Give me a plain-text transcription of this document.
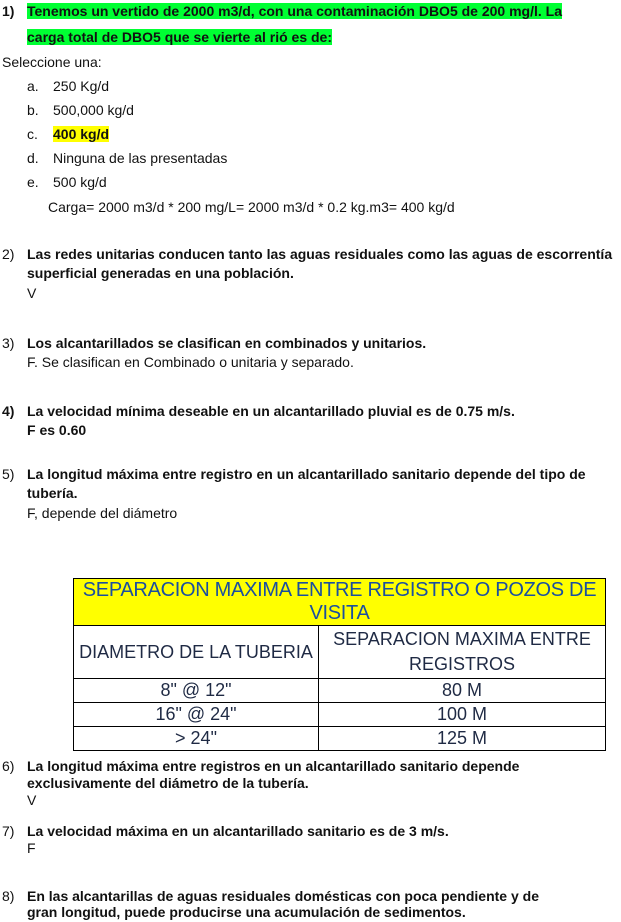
1) Tenemos un vertido de 2000 m3/d, con una contaminación DBO5 de 200 mg/l. La
carga total de DBO5 que se vierte al rió es de:
Seleccione una:
a. 250 Kg/d
b. 500,000 kg/d
c. 400 kg/d
d. Ninguna de las presentadas
e. 500 kg/d
Carga= 2000 m3/d * 200 mg/L= 2000 m3/d * 0.2 kg.m3= 400 kg/d
2) Las redes unitarias conducen tanto las aguas residuales como las aguas de escorrentía
superficial generadas en una población.
V
3) Los alcantarillados se clasifican en combinados y unitarios.
F. Se clasifican en Combinado o unitaria y separado.
4) La velocidad mínima deseable en un alcantarillado pluvial es de 0.75 m/s.
F es 0.60
5) La longitud máxima entre registro en un alcantarillado sanitario depende del tipo de
tubería.
F, depende del diámetro
SEPARACION MAXIMA ENTRE REGISTRO O POZOS DE VISITA	
DIAMETRO DE LA TUBERIA	SEPARACION MAXIMA ENTRE
REGISTROS

8" @ 12"	80 M
16" @ 24"	100 M
> 24"	125 M
6) La longitud máxima entre registros en un alcantarillado sanitario depende
exclusivamente del diámetro de la tubería.
V
7) La velocidad máxima en un alcantarillado sanitario es de 3 m/s.
F
8) En las alcantarillas de aguas residuales domésticas con poca pendiente y de
gran longitud, puede producirse una acumulación de sedimentos.
